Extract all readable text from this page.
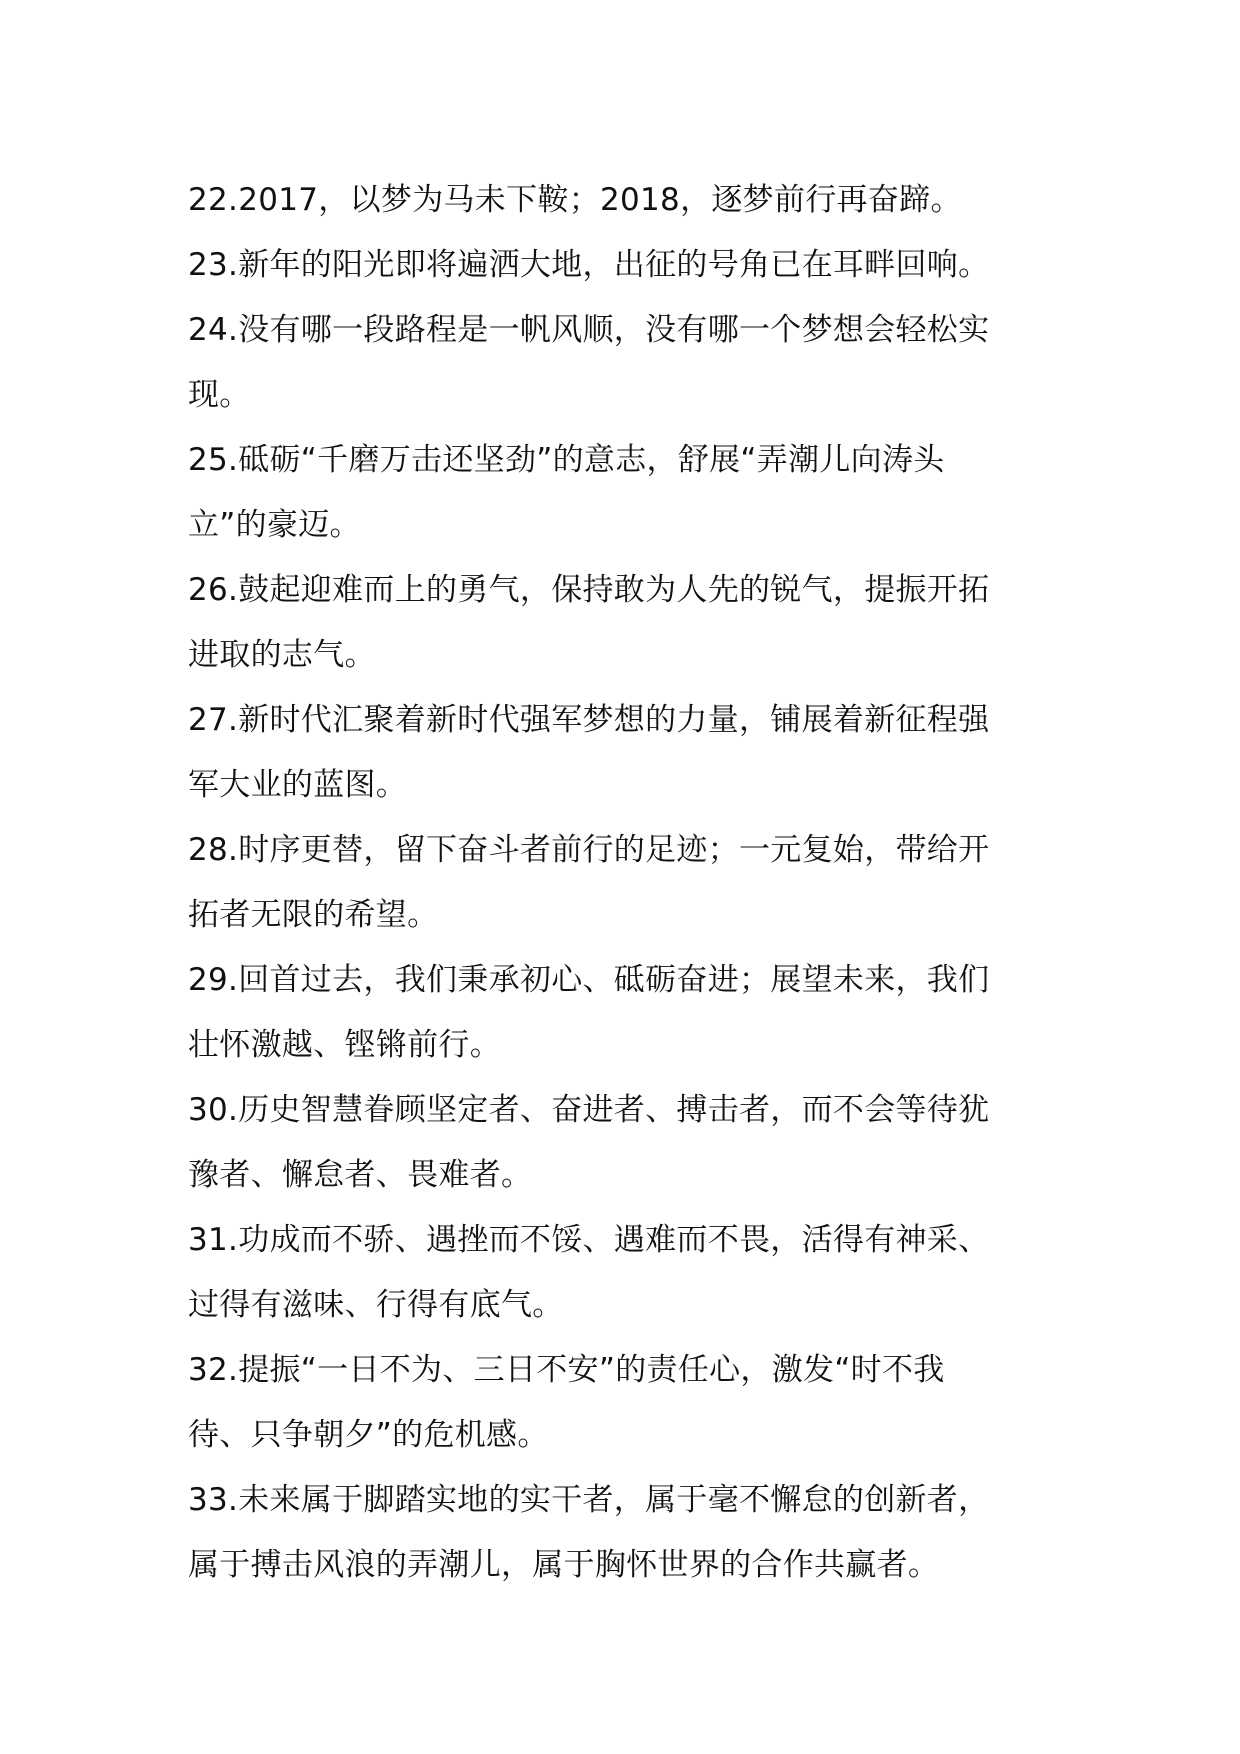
22.2017，以梦为马未下鞍；2018，逐梦前行再奋蹄。
23.新年的阳光即将遍洒大地，出征的号角已在耳畔回响。
24.没有哪一段路程是一帆风顺，没有哪一个梦想会轻松实
现。
25.砥砺“千磨万击还坚劲”的意志，舒展“弄潮儿向涛头
立”的豪迈。
26.鼓起迎难而上的勇气，保持敢为人先的锐气，提振开拓
进取的志气。
27.新时代汇聚着新时代强军梦想的力量，铺展着新征程强
军大业的蓝图。
28.时序更替，留下奋斗者前行的足迹；一元复始，带给开
拓者无限的希望。
29.回首过去，我们秉承初心、砥砺奋进；展望未来，我们
壮怀激越、铿锵前行。
30.历史智慧眷顾坚定者、奋进者、搏击者，而不会等待犹
豫者、懈怠者、畏难者。
31.功成而不骄、遇挫而不馁、遇难而不畏，活得有神采、
过得有滋味、行得有底气。
32.提振“一日不为、三日不安”的责任心，激发“时不我
待、只争朝夕”的危机感。
33.未来属于脚踏实地的实干者，属于毫不懈怠的创新者，
属于搏击风浪的弄潮儿，属于胸怀世界的合作共赢者。
